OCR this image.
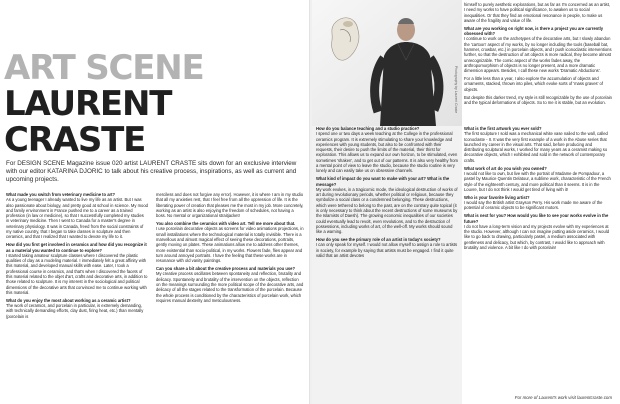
ART SCENE
LAURENT
CRASTE

For DESIGN SCENE Magazine issue 020 artist LAURENT CRASTE sits down for an exclusive interview with our editor KATARINA DJORIC to talk about his creative process, inspirations, as well as current and upcoming projects.

What made you switch from veterinary medicine to art?

As a young teenager I already wanted to live my life as an artist. But I was also passionate about biology, and pretty good at school in science. My mood and family environment in France pushed me to a career as a trained profession (in law or medicine), so that I successfully completed my studies in veterinary medicine. Then I went to Canada for a master's degree in veterinary physiology. It was in Canada, freed from the social constraints of my native country, that I began to take classes in sculpture and then ceramics, and that I realized that I wanted to devote my life to it.

How did you first get involved in ceramics and how did you recognize it as a material you wanted to continue to explore?

I started taking amateur sculpture classes where I discovered the plastic qualities of clay as a modeling material. I immediately felt a great affinity with this material, and developed manual skills with ease. Later, I took a professional course in ceramics, and that's when I discovered the facets of this material related to the objet d'art, crafts and decorative arts, in addition to those related to sculpture. It is my interest in the sociological and political dimensions of the decorative arts that convinced me to continue working with this material.

What do you enjoy the most about working as a ceramic artist?

The work of ceramics, and porcelain in particular, is extremely demanding, with technically demanding efforts, clay dust, firing heat, etc.) than mentally (porcelain is

merciless and does not forgive any error). However, it is where I am in my studio that all my anxieties rest, that I feel free from all the oppression of life. It is the liberating power of creation that pleases me the most in my job. More concretely, working as an artist is also enjoying the freedom of schedules, not having a boss. No mental or organizational straitjacket!

You also combine the ceramics with video art. Tell me more about that.

I use porcelain decorative objects as screens for video animations projections, in small installations where the technological material is totally invisible. There is a marvellous and almost magical effect of seeing these decorations, portraits, gently moving on plates. These animations allow me to address other themes, more existential than socio-political, in my works. Flowers fade, flies appear and turn around annoyed portraits. I have the feeling that these works are in resonance with old vanity paintings.

Can you share a bit about the creative process and materials you use?

My creative process oscillates between spontaneity and reflection, brutality and delicacy. Spontaneity and brutality of the intervention on the objects, reflection on the meanings surrounding the more political scope of the decorative arts, and delicacy of all the stages related to the transformation of the porcelain. Because the whole process is conditioned by the characteristics of porcelain work, which requires manual dexterity and meticulousness.

How do you balance teaching and a studio practice?

I spend one or two days a week teaching at the College in the professional ceramics program. It is extremely stimulating to share your knowledge and experiences with young students, but also to be confronted with their requests, their desire to push the limits of the material, their thirst for exploration. This allows us to expand our own horizon, to be stimulated, even sometimes 'shaken', and to get out of our patterns. It is also very healthy from a mental point of view to leave the studio, because the studio routine is very lonely and can easily take us on obsessive channels.

What kind of impact do you want to make with your art? What is the message?

My work evokes, in a tragicomic mode, the ideological destruction of works of art during revolutionary periods, whether political or religious, because they symbolize a social class or a condemned belonging. These destructions, which were tethered to belong to the past, are on the contrary quite topical (it is only necessary to think about the recent destructions of some museums by the Islamists of Daesh). The growing economic inequalities of our societies could eventually lead to revolt, even revolutions, and to the destruction of possessions, including works of art, of the well-off. My works should sound like a warning.

How do you see the primary role of an artist in today's society?

I can only speak for myself. I would not allow myself to assign a role to artists in society, for example by saying that artists must be engaged. I find it quite valid that an artist devotes

Photography by Laurent Craste

himself to purely aesthetic explorations, but as far as I'm concerned as an artist, I need my works to have political significance, to awaken us to social inequalities. Or that they find an emotional resonance in people, to make us aware of the fragility and value of life.

What are you working on right now, is there a project you are currently obsessed with?

I continue to work on the archetypes of the decorative arts, but I slowly abandon the 'cartoon' aspect of my works, by no longer including the tools (baseball bat, hammer, crowbar, etc.) in porcelain objects, and I push iconoclastic interventions further, so that the destruction of art objects is more radical, they become almost unrecognizable. The comic aspect of the works fades away, the anthropomorphism of objects is no longer present, and a more dramatic dimension appears. Besides, I call these new works 'Dramatic Abductions'.

For a little less than a year, I also explore the accumulation of objects and ornaments, stacked, thrown into piles, which evoke sorts of 'mass graves' of objects.

But despite this darker trend, my style is still recognizable by the use of porcelain and the typical deformations of objects. So to me it is stable, but an evolution.

What is the first artwork you ever sold?

The first sculpture I sold was a mechanical white vase nailed to the wall, called Iconoclaste - II. It was the very first example of a work in the Abuse series that launched my career in the visual arts. That said, before producing and distributing sculptural works, I worked for many years as a ceramist making so decorative objects, which I exhibited and sold in the network of contemporary crafts.

What work of art do you wish you owned?

I would not like to own, but live with the portrait of Madame de Pompadour, a pastel by Maurice Quentin Delatour, a sublime work, characteristic of the French style of the eighteenth century, and more political than it seems. It is in the Louvre, but I do not think I would get tired of living with it!

Who is your favorite living artist?

I would say the British artist Grayson Perry. His work made me aware of the potential of ceramic objects to be significant motors.

What is next for you? How would you like to see your works evolve in the future?

I do not have a long-term vision and my projects evolve with my experiences at the studio. However, although I can not imagine putting aside ceramics, I would like to go back to drawing, particularly pastel, a medium associated with gentleness and delicacy, but which, by contrast, I would like to approach with brutality and violence. A bit like I do with porcelain!

For more of Laurent's work visit laurentcraste.com
